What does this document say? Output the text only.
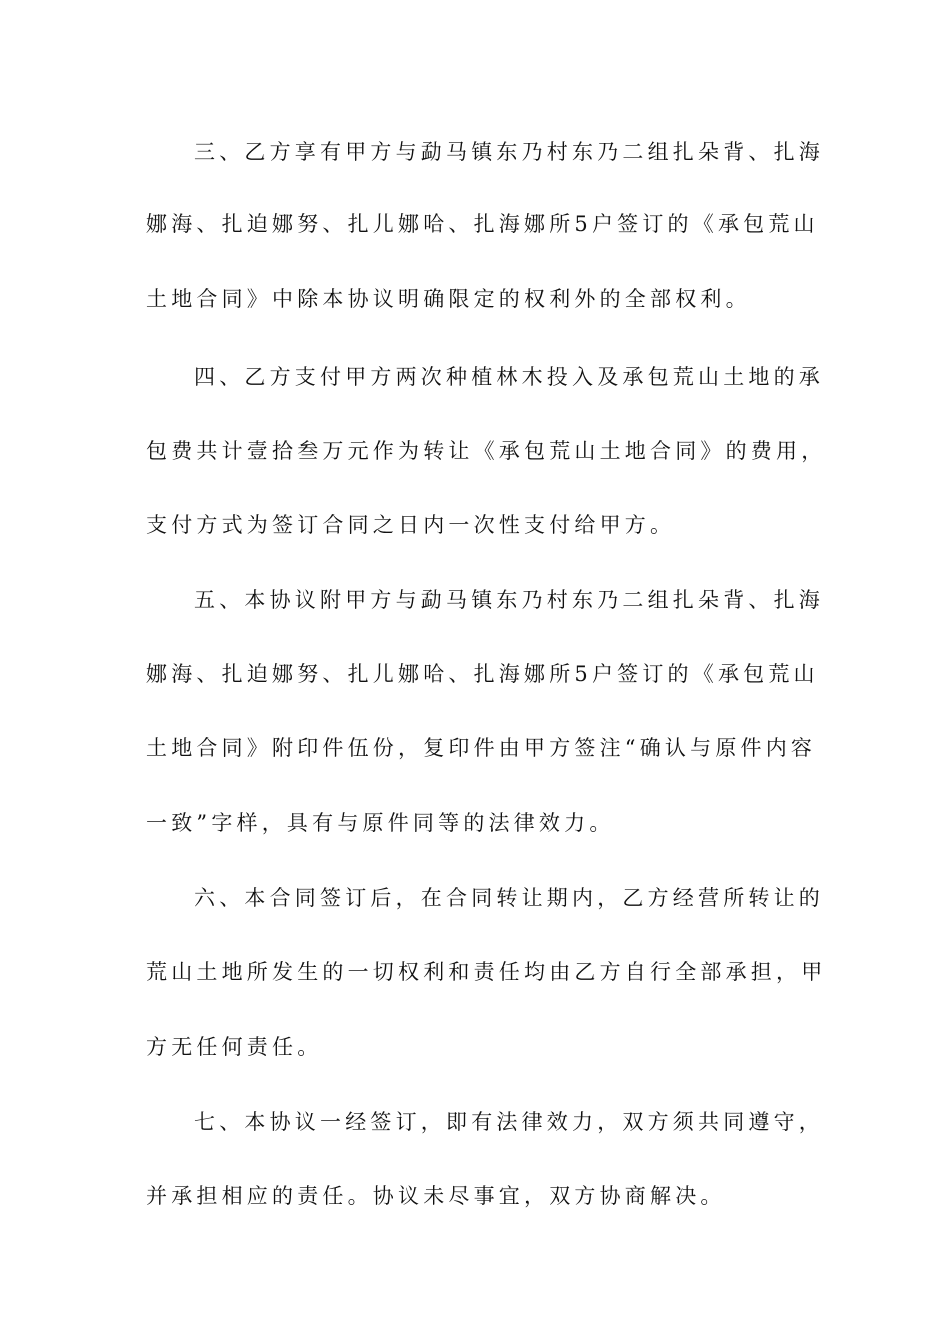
三、乙方享有甲方与勐马镇东乃村东乃二组扎朵背、扎海
娜海、扎迫娜努、扎儿娜哈、扎海娜所5户签订的《承包荒山
土地合同》中除本协议明确限定的权利外的全部权利。
四、乙方支付甲方两次种植林木投入及承包荒山土地的承
包费共计壹拾叁万元作为转让《承包荒山土地合同》的费用，
支付方式为签订合同之日内一次性支付给甲方。
五、本协议附甲方与勐马镇东乃村东乃二组扎朵背、扎海
娜海、扎迫娜努、扎儿娜哈、扎海娜所5户签订的《承包荒山
土地合同》附印件伍份，复印件由甲方签注“确认与原件内容
一致”字样，具有与原件同等的法律效力。
六、本合同签订后，在合同转让期内，乙方经营所转让的
荒山土地所发生的一切权利和责任均由乙方自行全部承担，甲
方无任何责任。
七、本协议一经签订，即有法律效力，双方须共同遵守，
并承担相应的责任。协议未尽事宜，双方协商解决。
